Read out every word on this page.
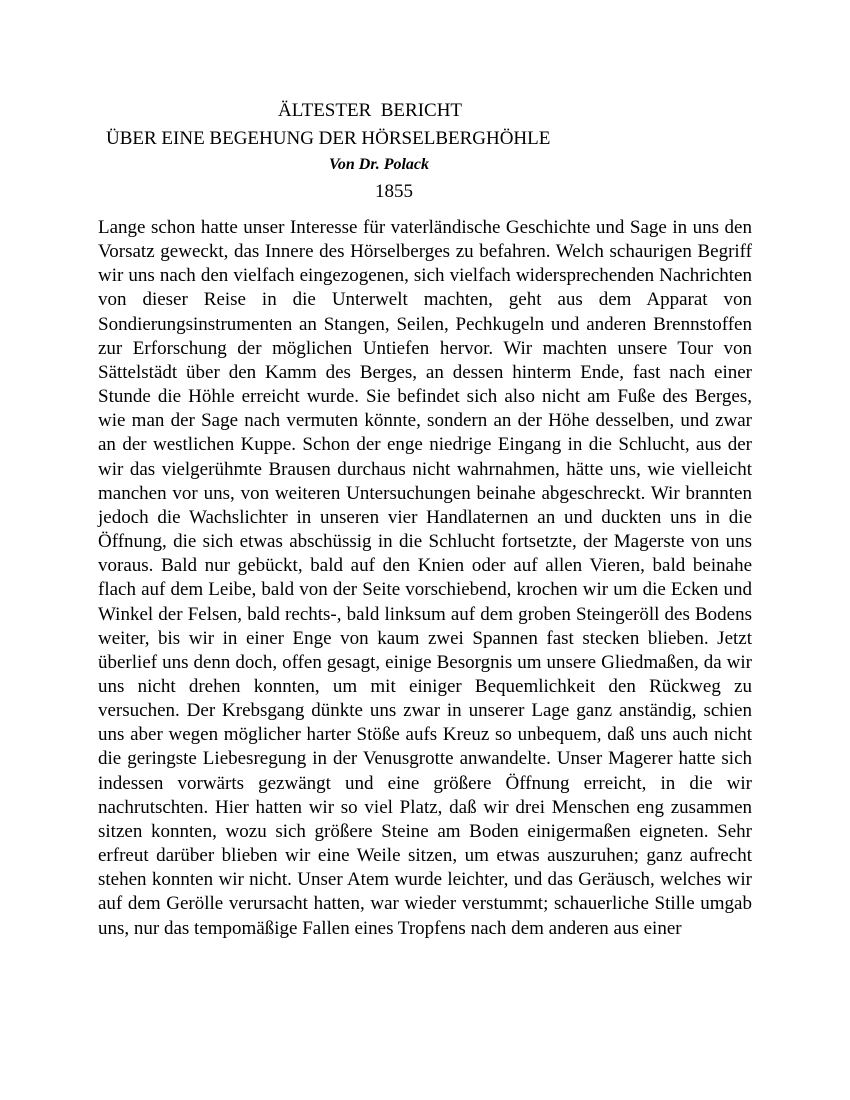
ÄLTESTER  BERICHT
ÜBER EINE BEGEHUNG DER HÖRSELBERGHÖHLE
Von Dr. Polack
1855

Lange schon hatte unser Interesse für vaterländische Geschichte und Sage in uns den Vorsatz geweckt, das Innere des Hörselberges zu befahren. Welch schaurigen Begriff wir uns nach den vielfach eingezogenen, sich vielfach widersprechenden Nachrichten von dieser Reise in die Unterwelt machten, geht aus dem Apparat von Sondierungsinstrumenten an Stangen, Seilen, Pechkugeln und anderen Brennstoffen zur Erforschung der möglichen Untiefen hervor. Wir machten unsere Tour von Sättelstädt über den Kamm des Berges, an dessen hinterm Ende, fast nach einer Stunde die Höhle erreicht wurde. Sie befindet sich also nicht am Fuße des Berges, wie man der Sage nach vermuten könnte, sondern an der Höhe desselben, und zwar an der westlichen Kuppe. Schon der enge niedrige Eingang in die Schlucht, aus der wir das vielgerühmte Brausen durchaus nicht wahrnahmen, hätte uns, wie vielleicht manchen vor uns, von weiteren Untersuchungen beinahe abgeschreckt. Wir brannten jedoch die Wachslichter in unseren vier Handlaternen an und duckten uns in die Öffnung, die sich etwas abschüssig in die Schlucht fortsetzte, der Magerste von uns voraus. Bald nur gebückt, bald auf den Knien oder auf allen Vieren, bald beinahe flach auf dem Leibe, bald von der Seite vorschiebend, krochen wir um die Ecken und Winkel der Felsen, bald rechts-, bald linksum auf dem groben Steingeröll des Bodens weiter, bis wir in einer Enge von kaum zwei Spannen fast stecken blieben. Jetzt überlief uns denn doch, offen gesagt, einige Besorgnis um unsere Gliedmaßen, da wir uns nicht drehen konnten, um mit einiger Bequemlichkeit den Rückweg zu versuchen. Der Krebsgang dünkte uns zwar in unserer Lage ganz anständig, schien uns aber wegen möglicher harter Stöße aufs Kreuz so unbequem, daß uns auch nicht die geringste Liebesregung in der Venusgrotte anwandelte. Unser Magerer hatte sich indessen vorwärts gezwängt und eine größere Öffnung erreicht, in die wir nachrutschten. Hier hatten wir so viel Platz, daß wir drei Menschen eng zusammen sitzen konnten, wozu sich größere Steine am Boden einigermaßen eigneten. Sehr erfreut darüber blieben wir eine Weile sitzen, um etwas auszuruhen; ganz aufrecht stehen konnten wir nicht. Unser Atem wurde leichter, und das Geräusch, welches wir auf dem Gerölle verursacht hatten, war wieder verstummt; schauerliche Stille umgab uns, nur das tempomäßige Fallen eines Tropfens nach dem anderen aus einer
